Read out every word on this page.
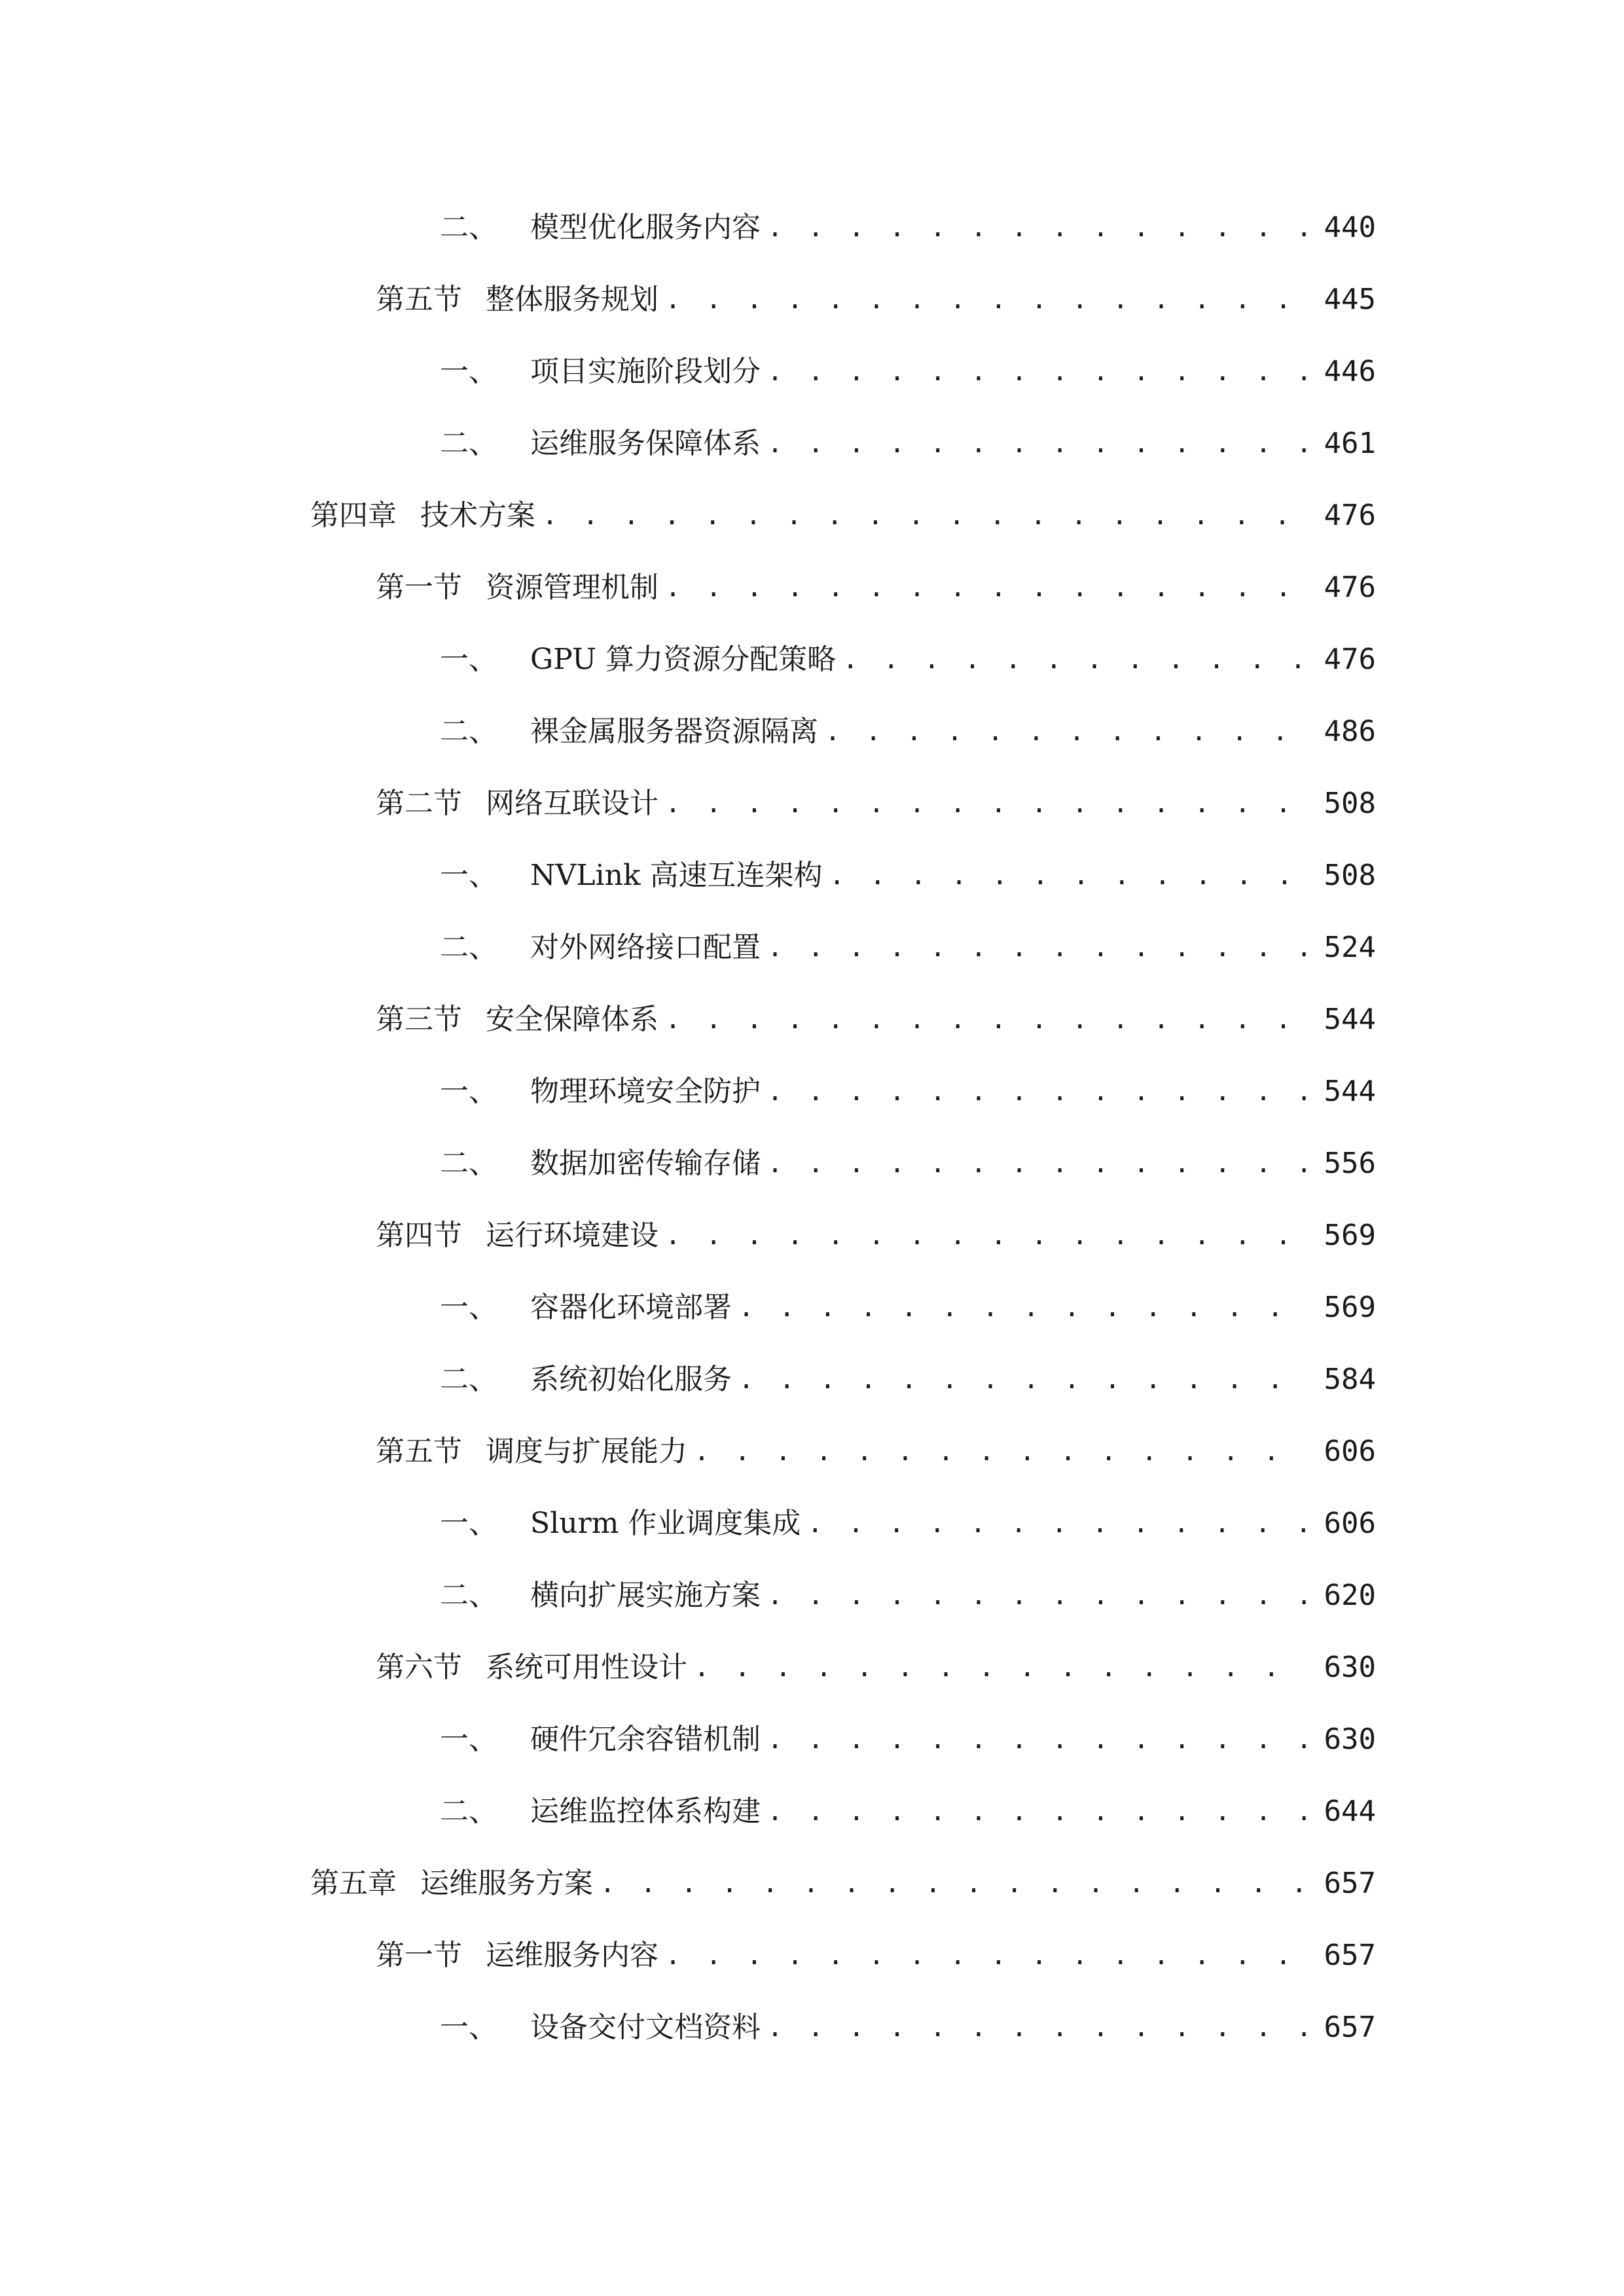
二、 模型优化服务内容 . . .	440
第五节 整体服务规划 . . .	445
一、 项目实施阶段划分 . . .	446
二、 运维服务保障体系 . . .	461
第四章 技术方案 . . .	476
第一节 资源管理机制 . . .	476
一、 GPU 算力资源分配策略 . . .	476
二、 裸金属服务器资源隔离 . . .	486
第二节 网络互联设计 . . .	508
一、 NVLink 高速互连架构 . . .	508
二、 对外网络接口配置 . . .	524
第三节 安全保障体系 . . .	544
一、 物理环境安全防护 . . .	544
二、 数据加密传输存储 . . .	556
第四节 运行环境建设 . . .	569
一、 容器化环境部署 . . .	569
二、 系统初始化服务 . . .	584
第五节 调度与扩展能力 . . .	606
一、 Slurm 作业调度集成 . . .	606
二、 横向扩展实施方案 . . .	620
第六节 系统可用性设计 . . .	630
一、 硬件冗余容错机制 . . .	630
二、 运维监控体系构建 . . .	644
第五章 运维服务方案 . . .	657
第一节 运维服务内容 . . .	657
一、 设备交付文档资料 . . .	657
